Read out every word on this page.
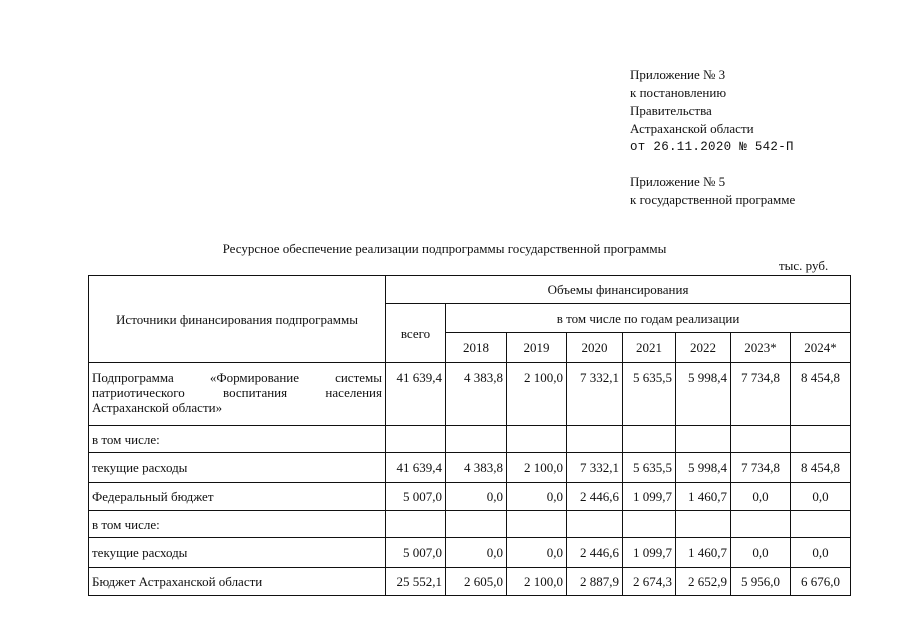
Приложение № 3
к постановлению
Правительства
Астраханской области
от 26.11.2020 № 542-П
Приложение № 5
к государственной программе
Ресурсное обеспечение реализации подпрограммы государственной программы
тыс. руб.
Источники финансирования подпрограммы	Объемы финансирования							
	всего	в том числе по годам реализации						
		2018	2019	2020	2021	2022	2023*	2024*
Подпрограмма «Формирование системы патриотического воспитания населения Астраханской области»	41 639,4	4 383,8	2 100,0	7 332,1	5 635,5	5 998,4	7 734,8	8 454,8
в том числе:								
текущие расходы	41 639,4	4 383,8	2 100,0	7 332,1	5 635,5	5 998,4	7 734,8	8 454,8
Федеральный бюджет	5 007,0	0,0	0,0	2 446,6	1 099,7	1 460,7	0,0	0,0
в том числе:								
текущие расходы	5 007,0	0,0	0,0	2 446,6	1 099,7	1 460,7	0,0	0,0
Бюджет Астраханской области	25 552,1	2 605,0	2 100,0	2 887,9	2 674,3	2 652,9	5 956,0	6 676,0
